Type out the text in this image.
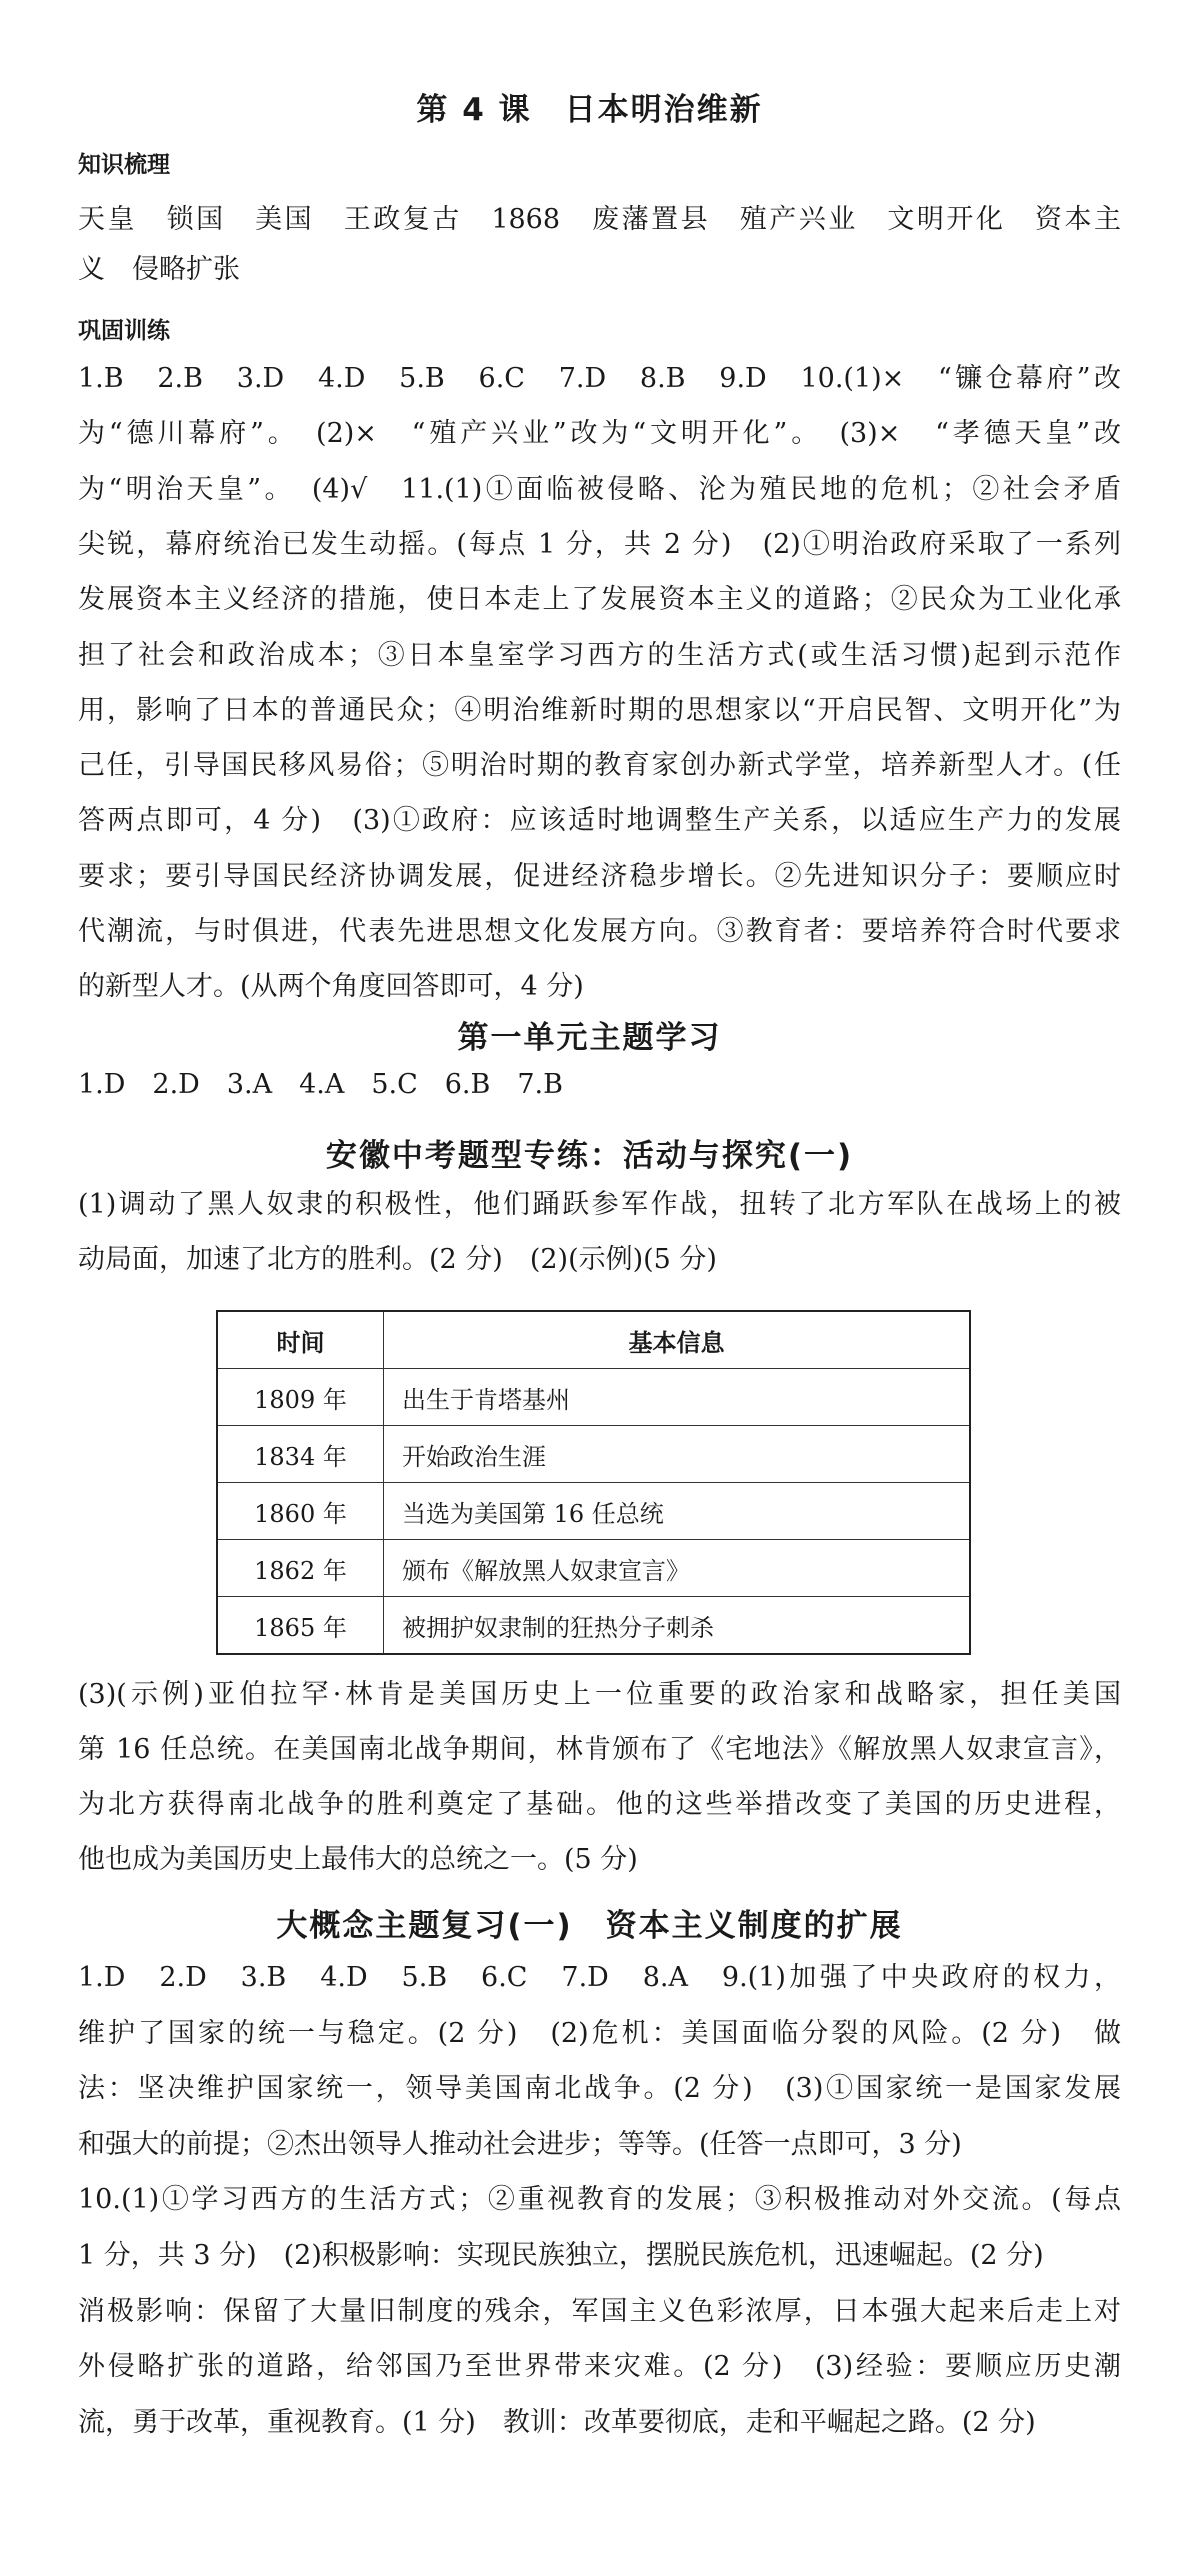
第 4 课　日本明治维新
知识梳理
天皇　锁国　美国　王政复古　1868　废藩置县　殖产兴业　文明开化　资本主
义　侵略扩张
巩固训练
1.B　2.B　3.D　4.D　5.B　6.C　7.D　8.B　9.D　10.(1)×　“镰仓幕府”改
为“德川幕府”。　(2)×　“殖产兴业”改为“文明开化”。　(3)×　“孝德天皇”改
为“明治天皇”。　(4)√　11.(1)①面临被侵略、沦为殖民地的危机；②社会矛盾
尖锐，幕府统治已发生动摇。(每点 1 分，共 2 分)　(2)①明治政府采取了一系列
发展资本主义经济的措施，使日本走上了发展资本主义的道路；②民众为工业化承
担了社会和政治成本；③日本皇室学习西方的生活方式(或生活习惯)起到示范作
用，影响了日本的普通民众；④明治维新时期的思想家以“开启民智、文明开化”为
己任，引导国民移风易俗；⑤明治时期的教育家创办新式学堂，培养新型人才。(任
答两点即可，4 分)　(3)①政府：应该适时地调整生产关系，以适应生产力的发展
要求；要引导国民经济协调发展，促进经济稳步增长。②先进知识分子：要顺应时
代潮流，与时俱进，代表先进思想文化发展方向。③教育者：要培养符合时代要求
的新型人才。(从两个角度回答即可，4 分)
第一单元主题学习
1.D　2.D　3.A　4.A　5.C　6.B　7.B
安徽中考题型专练：活动与探究(一)
(1)调动了黑人奴隶的积极性，他们踊跃参军作战，扭转了北方军队在战场上的被
动局面，加速了北方的胜利。(2 分)　(2)(示例)(5 分)
时间	基本信息
1809 年	出生于肯塔基州
1834 年	开始政治生涯
1860 年	当选为美国第 16 任总统
1862 年	颁布《解放黑人奴隶宣言》
1865 年	被拥护奴隶制的狂热分子刺杀
(3)(示例)亚伯拉罕·林肯是美国历史上一位重要的政治家和战略家，担任美国
第 16 任总统。在美国南北战争期间，林肯颁布了《宅地法》《解放黑人奴隶宣言》，
为北方获得南北战争的胜利奠定了基础。他的这些举措改变了美国的历史进程，
他也成为美国历史上最伟大的总统之一。(5 分)
大概念主题复习(一)　资本主义制度的扩展
1.D　2.D　3.B　4.D　5.B　6.C　7.D　8.A　9.(1)加强了中央政府的权力，
维护了国家的统一与稳定。(2 分)　(2)危机：美国面临分裂的风险。(2 分)　做
法：坚决维护国家统一，领导美国南北战争。(2 分)　(3)①国家统一是国家发展
和强大的前提；②杰出领导人推动社会进步；等等。(任答一点即可，3 分)
10.(1)①学习西方的生活方式；②重视教育的发展；③积极推动对外交流。(每点
1 分，共 3 分)　(2)积极影响：实现民族独立，摆脱民族危机，迅速崛起。(2 分)
消极影响：保留了大量旧制度的残余，军国主义色彩浓厚，日本强大起来后走上对
外侵略扩张的道路，给邻国乃至世界带来灾难。(2 分)　(3)经验：要顺应历史潮
流，勇于改革，重视教育。(1 分)　教训：改革要彻底，走和平崛起之路。(2 分)
